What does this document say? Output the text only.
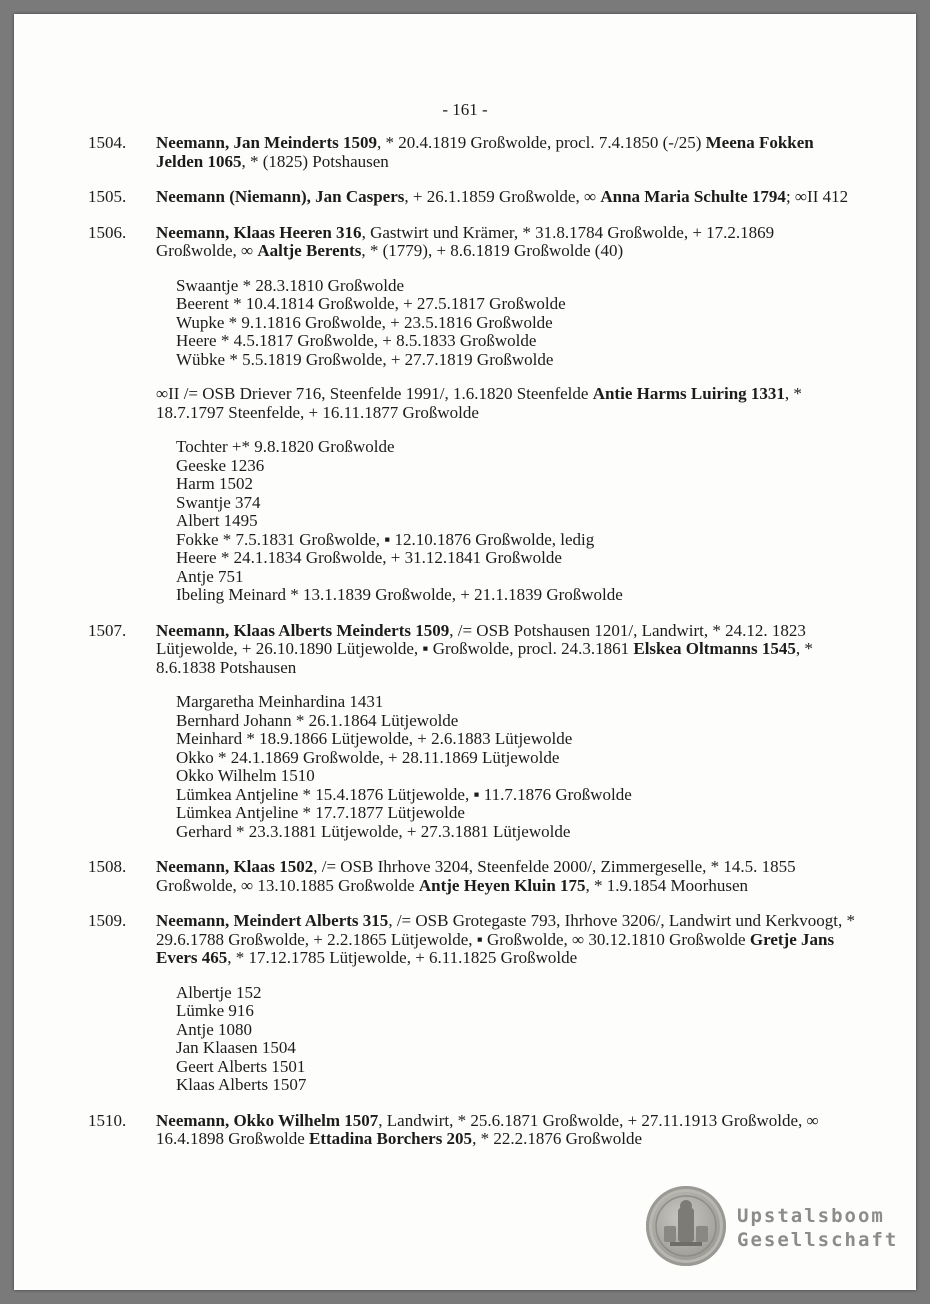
- 161 -
1504. Neemann, Jan Meinderts 1509, * 20.4.1819 Großwolde, procl. 7.4.1850 (-/25) Meena Fokken Jelden 1065, * (1825) Potshausen
1505. Neemann (Niemann), Jan Caspers, + 26.1.1859 Großwolde, ∞ Anna Maria Schulte 1794; ∞II 412
1506. Neemann, Klaas Heeren 316, Gastwirt und Krämer, * 31.8.1784 Großwolde, + 17.2.1869 Großwolde, ∞ Aaltje Berents, * (1779), + 8.6.1819 Großwolde (40)
Swaantje * 28.3.1810 Großwolde
Beerent * 10.4.1814 Großwolde, + 27.5.1817 Großwolde
Wupke * 9.1.1816 Großwolde, + 23.5.1816 Großwolde
Heere * 4.5.1817 Großwolde, + 8.5.1833 Großwolde
Wübke * 5.5.1819 Großwolde, + 27.7.1819 Großwolde
∞II /= OSB Driever 716, Steenfelde 1991/, 1.6.1820 Steenfelde Antie Harms Luiring 1331, * 18.7.1797 Steenfelde, + 16.11.1877 Großwolde
Tochter +* 9.8.1820 Großwolde
Geeske 1236
Harm 1502
Swantje 374
Albert 1495
Fokke * 7.5.1831 Großwolde, ▪ 12.10.1876 Großwolde, ledig
Heere * 24.1.1834 Großwolde, + 31.12.1841 Großwolde
Antje 751
Ibeling Meinard * 13.1.1839 Großwolde, + 21.1.1839 Großwolde
1507. Neemann, Klaas Alberts Meinderts 1509, /= OSB Potshausen 1201/, Landwirt, * 24.12. 1823 Lütjewolde, + 26.10.1890 Lütjewolde, ▪ Großwolde, procl. 24.3.1861 Elskea Oltmanns 1545, * 8.6.1838 Potshausen
Margaretha Meinhardina 1431
Bernhard Johann * 26.1.1864 Lütjewolde
Meinhard * 18.9.1866 Lütjewolde, + 2.6.1883 Lütjewolde
Okko * 24.1.1869 Großwolde, + 28.11.1869 Lütjewolde
Okko Wilhelm 1510
Lümkea Antjeline * 15.4.1876 Lütjewolde, ▪ 11.7.1876 Großwolde
Lümkea Antjeline * 17.7.1877 Lütjewolde
Gerhard * 23.3.1881 Lütjewolde, + 27.3.1881 Lütjewolde
1508. Neemann, Klaas 1502, /= OSB Ihrhove 3204, Steenfelde 2000/, Zimmergeselle, * 14.5. 1855 Großwolde, ∞ 13.10.1885 Großwolde Antje Heyen Kluin 175, * 1.9.1854 Moorhusen
1509. Neemann, Meindert Alberts 315, /= OSB Grotegaste 793, Ihrhove 3206/, Landwirt und Kerkvoogt, * 29.6.1788 Großwolde, + 2.2.1865 Lütjewolde, ▪ Großwolde, ∞ 30.12.1810 Großwolde Gretje Jans Evers 465, * 17.12.1785 Lütjewolde, + 6.11.1825 Großwolde
Albertje 152
Lümke 916
Antje 1080
Jan Klaasen 1504
Geert Alberts 1501
Klaas Alberts 1507
1510. Neemann, Okko Wilhelm 1507, Landwirt, * 25.6.1871 Großwolde, + 27.11.1913 Großwolde, ∞ 16.4.1898 Großwolde Ettadina Borchers 205, * 22.2.1876 Großwolde
Upstalsboom
Gesellschaft
